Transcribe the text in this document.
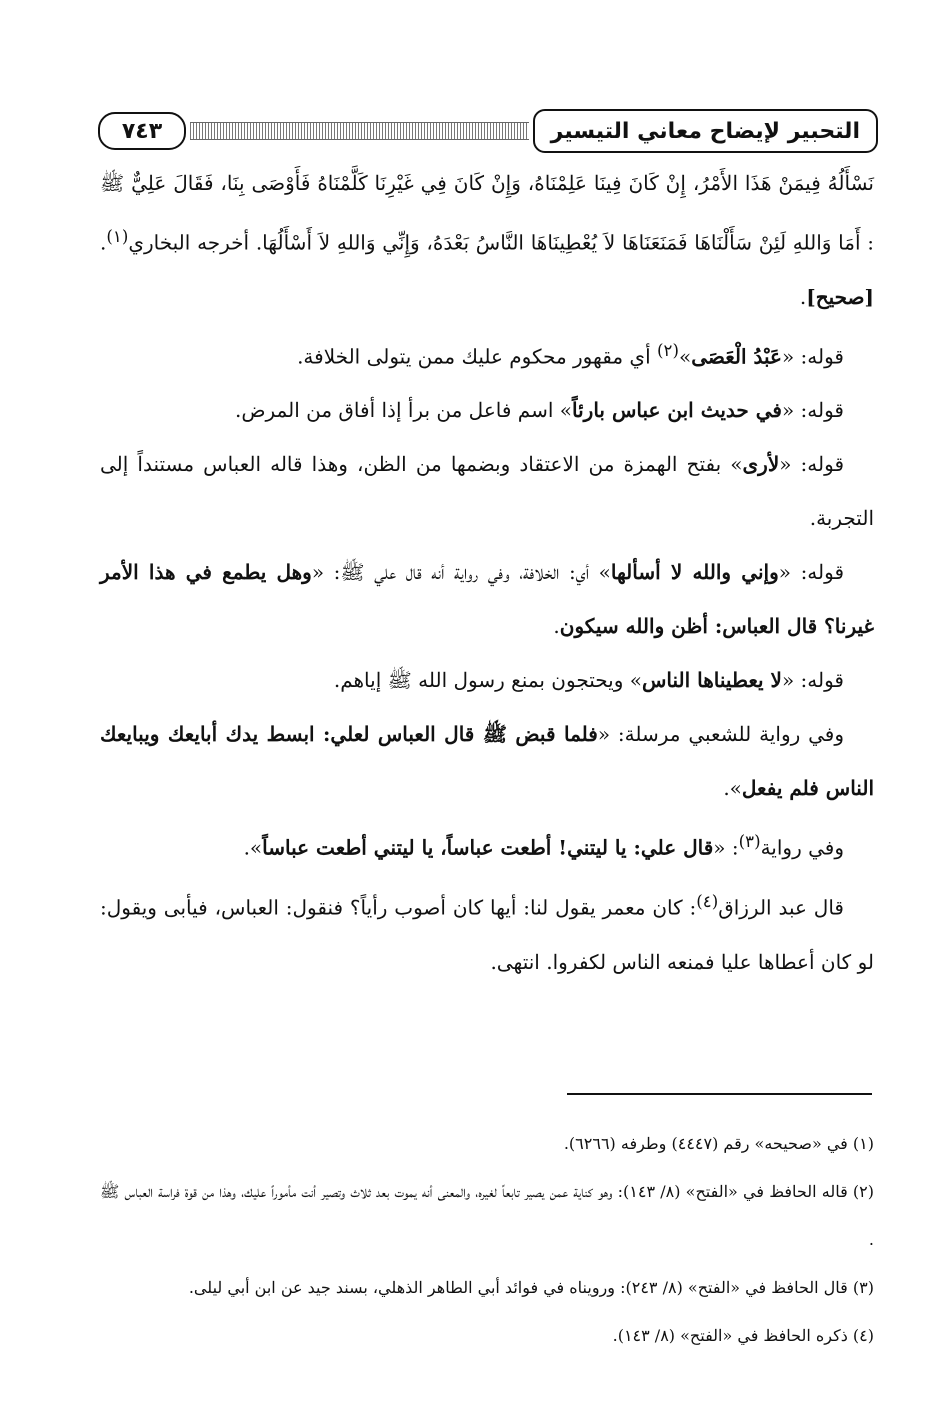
التحبير لإيضاح معاني التيسير
٧٤٣

نَسْأَلُهُ فِيمَنْ هَذَا الأَمْرُ، إِنْ كَانَ فِينَا عَلِمْنَاهُ، وَإِنْ كَانَ فِي غَيْرِنَا كَلَّمْنَاهُ فَأَوْصَى بِنَا، فَقَالَ عَلِيٌّ ﷺ : أَمَا وَاللهِ لَئِنْ سَأَلْنَاهَا فَمَنَعَنَاهَا لاَ يُعْطِينَاهَا النَّاسُ بَعْدَهُ، وَإِنِّي وَاللهِ لاَ أَسْأَلُهَا. أخرجه البخاري$^{(١)}$. [صحيح].

قوله: «عَبْدُ الْعَصَى»$^{(٢)}$ أي مقهور محكوم عليك ممن يتولى الخلافة.

قوله: «في حديث ابن عباس بارئاً» اسم فاعل من برأ إذا أفاق من المرض.

قوله: «لأرى» بفتح الهمزة من الاعتقاد وبضمها من الظن، وهذا قاله العباس مستنداً إلى التجربة.

قوله: «وإني والله لا أسألها» أي: الخلافة، وفي رواية أنه قال علي ﷺ: «وهل يطمع في هذا الأمر غيرنا؟ قال العباس: أظن والله سيكون.

قوله: «لا يعطيناها الناس» ويحتجون بمنع رسول الله ﷺ إياهم.

وفي رواية للشعبي مرسلة: «فلما قبض ﷺ قال العباس لعلي: ابسط يدك أبايعك ويبايعك الناس فلم يفعل».

وفي رواية$^{(٣)}$: «قال علي: يا ليتني! أطعت عباساً، يا ليتني أطعت عباساً».

قال عبد الرزاق$^{(٤)}$: كان معمر يقول لنا: أيها كان أصوب رأياً؟ فنقول: العباس، فيأبى ويقول: لو كان أعطاها عليا فمنعه الناس لكفروا. انتهى.

(١) في «صحيحه» رقم (٤٤٤٧) وطرفه (٦٢٦٦).

(٢) قاله الحافظ في «الفتح» (٨/ ١٤٣): وهو كناية عمن يصير تابعاً لغيره، والمعنى أنه يموت بعد ثلاث وتصير أنت مأموراً عليك، وهذا من قوة فراسة العباس ﷺ .

(٣) قال الحافظ في «الفتح» (٨/ ٢٤٣): ورويناه في فوائد أبي الطاهر الذهلي، بسند جيد عن ابن أبي ليلى.

(٤) ذكره الحافظ في «الفتح» (٨/ ١٤٣).
